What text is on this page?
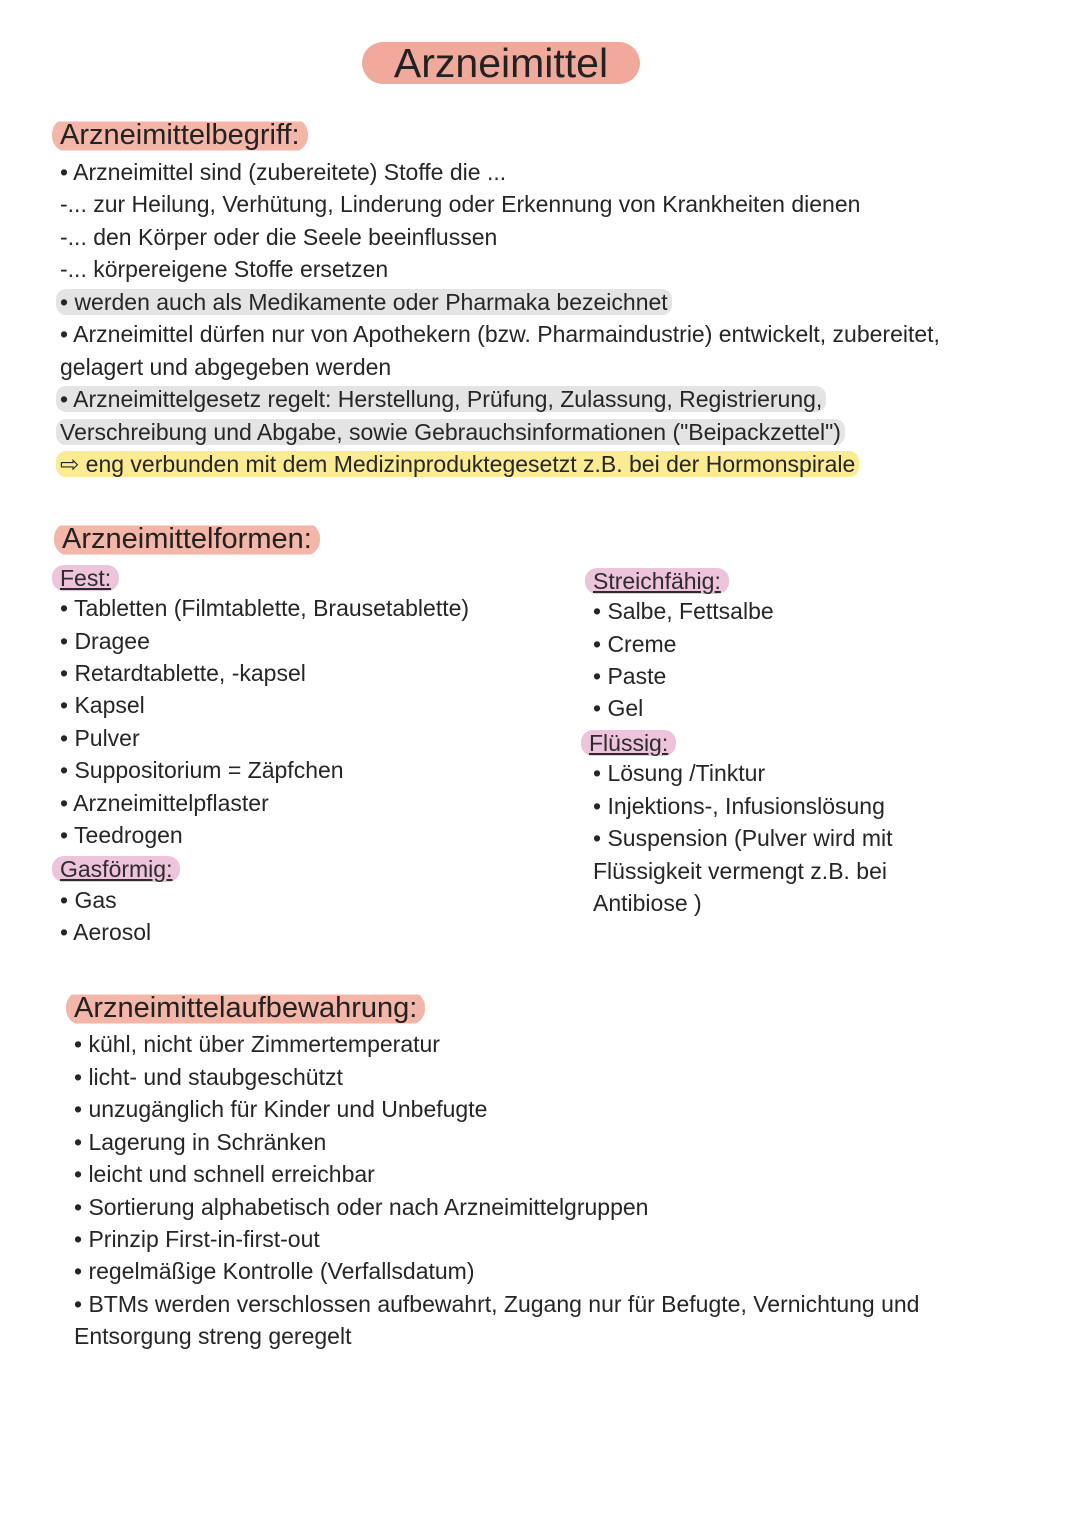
Arzneimittel
Arzneimittelbegriff:
• Arzneimittel sind (zubereitete) Stoffe die ...
-... zur Heilung, Verhütung, Linderung oder Erkennung von Krankheiten dienen
-... den Körper oder die Seele beeinflussen
-... körpereigene Stoffe ersetzen
• werden auch als Medikamente oder Pharmaka bezeichnet
• Arzneimittel dürfen nur von Apothekern (bzw. Pharmaindustrie) entwickelt, zubereitet,
gelagert und abgegeben werden
• Arzneimittelgesetz regelt: Herstellung, Prüfung, Zulassung, Registrierung,
Verschreibung und Abgabe, sowie Gebrauchsinformationen ("Beipackzettel")
⇨ eng verbunden mit dem Medizinproduktegesetzt z.B. bei der Hormonspirale
Arzneimittelformen:
Fest:
• Tabletten (Filmtablette, Brausetablette)
• Dragee
• Retardtablette, -kapsel
• Kapsel
• Pulver
• Suppositorium = Zäpfchen
• Arzneimittelpflaster
• Teedrogen
Gasförmig:
• Gas
• Aerosol
Streichfähig:
• Salbe, Fettsalbe
• Creme
• Paste
• Gel
Flüssig:
• Lösung /Tinktur
• Injektions-, Infusionslösung
• Suspension (Pulver wird mit
Flüssigkeit vermengt z.B. bei
Antibiose )
Arzneimittelaufbewahrung:
• kühl, nicht über Zimmertemperatur
• licht- und staubgeschützt
• unzugänglich für Kinder und Unbefugte
• Lagerung in Schränken
• leicht und schnell erreichbar
• Sortierung alphabetisch oder nach Arzneimittelgruppen
• Prinzip First-in-first-out
• regelmäßige Kontrolle (Verfallsdatum)
• BTMs werden verschlossen aufbewahrt, Zugang nur für Befugte, Vernichtung und
Entsorgung streng geregelt
